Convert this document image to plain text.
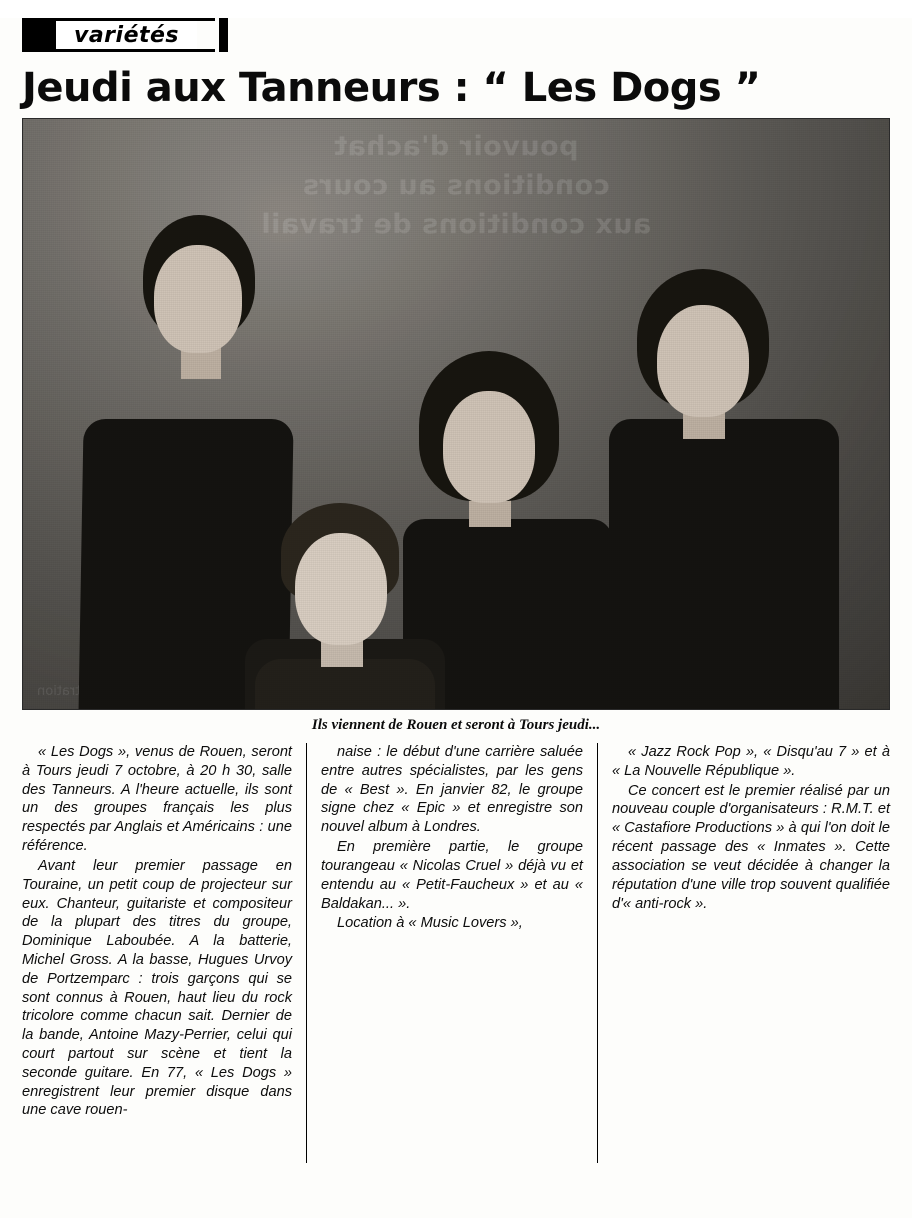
variétés
Jeudi aux Tanneurs : “ Les Dogs ”
Ils viennent de Rouen et seront à Tours jeudi...

« Les Dogs », venus de Rouen, seront à Tours jeudi 7 octobre, à 20 h 30, salle des Tanneurs. A l'heure actuelle, ils sont un des groupes français les plus respectés par Anglais et Américains : une référence.

Avant leur premier passage en Touraine, un petit coup de projecteur sur eux. Chanteur, guitariste et compositeur de la plupart des titres du groupe, Dominique Laboubée. A la batterie, Michel Gross. A la basse, Hugues Urvoy de Portzemparc : trois garçons qui se sont connus à Rouen, haut lieu du rock tricolore comme chacun sait. Dernier de la bande, Antoine Mazy-Perrier, celui qui court partout sur scène et tient la seconde guitare. En 77, « Les Dogs » enregistrent leur premier disque dans une cave rouen-

naise : le début d'une carrière saluée entre autres spécialistes, par les gens de « Best ». En janvier 82, le groupe signe chez « Epic » et enregistre son nouvel album à Londres.

En première partie, le groupe tourangeau « Nicolas Cruel » déjà vu et entendu au « Petit-Faucheux » et au « Baldakan... ».

Location à « Music Lovers »,

« Jazz Rock Pop », « Disqu'au 7 » et à « La Nouvelle République ».

Ce concert est le premier réalisé par un nouveau couple d'organisateurs : R.M.T. et « Castafiore Productions » à qui l'on doit le récent passage des « Inmates ». Cette association se veut décidée à changer la réputation d'une ville trop souvent qualifiée d'« anti-rock ».
